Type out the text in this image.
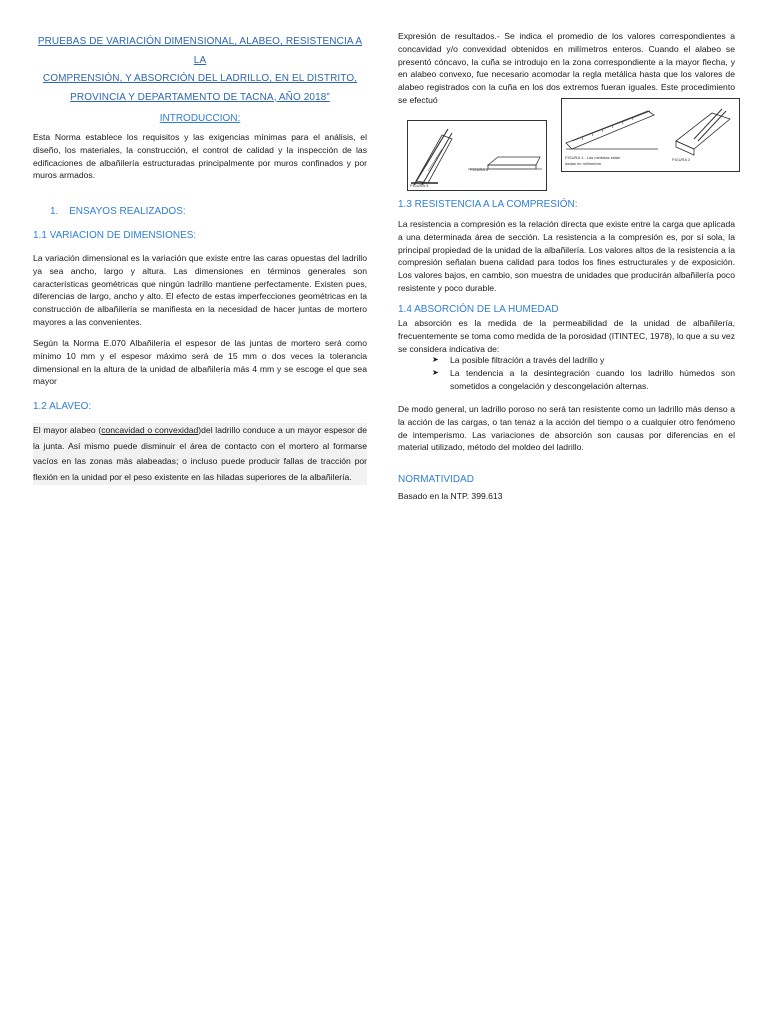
PRUEBAS DE VARIACIÓN DIMENSIONAL, ALABEO, RESISTENCIA A LA
COMPRENSIÓN, Y ABSORCIÓN DEL LADRILLO, EN EL DISTRITO,
PROVINCIA Y DEPARTAMENTO DE TACNA, AÑO 2018”
INTRODUCCION:

Esta Norma establece los requisitos y las exigencias mínimas para el análisis, el diseño, los materiales, la construcción, el control de calidad y la inspección de las edificaciones de albañilería estructuradas principalmente por muros confinados y por muros armados.

1. ENSAYOS REALIZADOS:
1.1 VARIACION DE DIMENSIONES:

La variación dimensional es la variación que existe entre las caras opuestas del ladrillo ya sea ancho, largo y altura. Las dimensiones en términos generales son características geométricas que ningún ladrillo mantiene perfectamente. Existen pues, diferencias de largo, ancho y alto. El efecto de estas imperfecciones geométricas en la construcción de albañilería se manifiesta en la necesidad de hacer juntas de mortero mayores a las convenientes.

Según la Norma E.070 Albañilería el espesor de las juntas de mortero será como mínimo 10 mm y el espesor máximo será de 15 mm o dos veces la tolerancia dimensional en la altura de la unidad de albañilería más 4 mm y se escoge el que sea mayor

1.2 ALAVEO:

El mayor alabeo (concavidad o convexidad)del ladrillo conduce a un mayor espesor de la junta. Así mismo puede disminuir el área de contacto con el mortero al formarse vacíos en las zonas más alabeadas; o incluso puede producir fallas de tracción por flexión en la unidad por el peso existente en las hiladas superiores de la albañilería.

Expresión de resultados.- Se indica el promedio de los valores correspondientes a concavidad y/o convexidad obtenidos en milímetros enteros. Cuando el alabeo se presentó cóncavo, la cuña se introdujo en la zona correspondiente a la mayor flecha, y en alabeo convexo, fue necesario acomodar la regla metálica hasta que los valores de alabeo registrados con la cuña en los dos extremos fueran iguales. Este procedimiento se efectuó

FIGURA 4
FIGURA 3
FIGURA 1.- Las medidas están
dadas en milímetros
FIGURA 2
1.3 RESISTENCIA A LA COMPRESIÓN:

La resistencia a compresión es la relación directa que existe entre la carga que aplicada a una determinada área de sección. La resistencia a la compresión es, por sí sola, la principal propiedad de la unidad de la albañilería. Los valores altos de la resistencia a la compresión señalan buena calidad para todos los fines estructurales y de exposición. Los valores bajos, en cambio, son muestra de unidades que producirán albañilería poco resistente y poco durable.

1.4 ABSORCIÓN DE LA HUMEDAD

La absorción es la medida de la permeabilidad de la unidad de albañilería, frecuentemente se toma como medida de la porosidad (ITINTEC, 1978), lo que a su vez se considera indicativa de:

➤ La posible filtración a través del ladrillo y
➤ La tendencia a la desintegración cuando los ladrillo húmedos son sometidos a congelación y descongelación alternas.

De modo general, un ladrillo poroso no será tan resistente como un ladrillo más denso a la acción de las cargas, o tan tenaz a la acción del tiempo o a cualquier otro fenómeno de intemperismo. Las variaciones de absorción son causas por diferencias en el material utilizado, método del moldeo del ladrillo.

NORMATIVIDAD

Basado en la NTP. 399.613
